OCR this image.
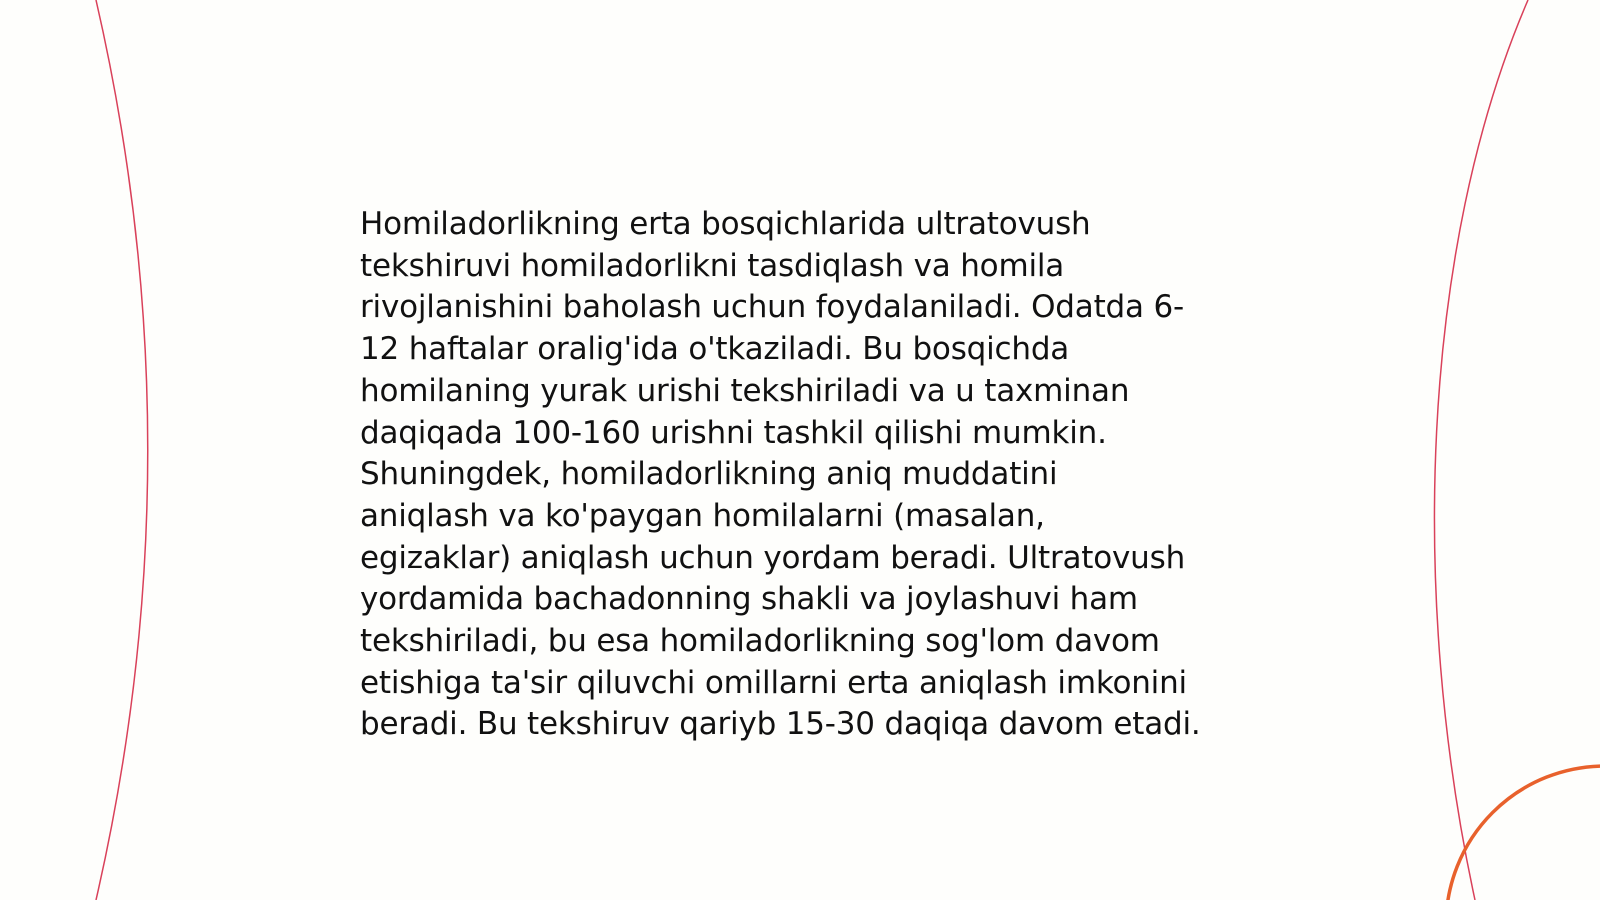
Homiladorlikning erta bosqichlarida ultratovush
tekshiruvi homiladorlikni tasdiqlash va homila
rivojlanishini baholash uchun foydalaniladi. Odatda 6-
12 haftalar oralig'ida o'tkaziladi. Bu bosqichda
homilaning yurak urishi tekshiriladi va u taxminan
daqiqada 100-160 urishni tashkil qilishi mumkin.
Shuningdek, homiladorlikning aniq muddatini
aniqlash va ko'paygan homilalarni (masalan,
egizaklar) aniqlash uchun yordam beradi. Ultratovush
yordamida bachadonning shakli va joylashuvi ham
tekshiriladi, bu esa homiladorlikning sog'lom davom
etishiga ta'sir qiluvchi omillarni erta aniqlash imkonini
beradi. Bu tekshiruv qariyb 15-30 daqiqa davom etadi.
